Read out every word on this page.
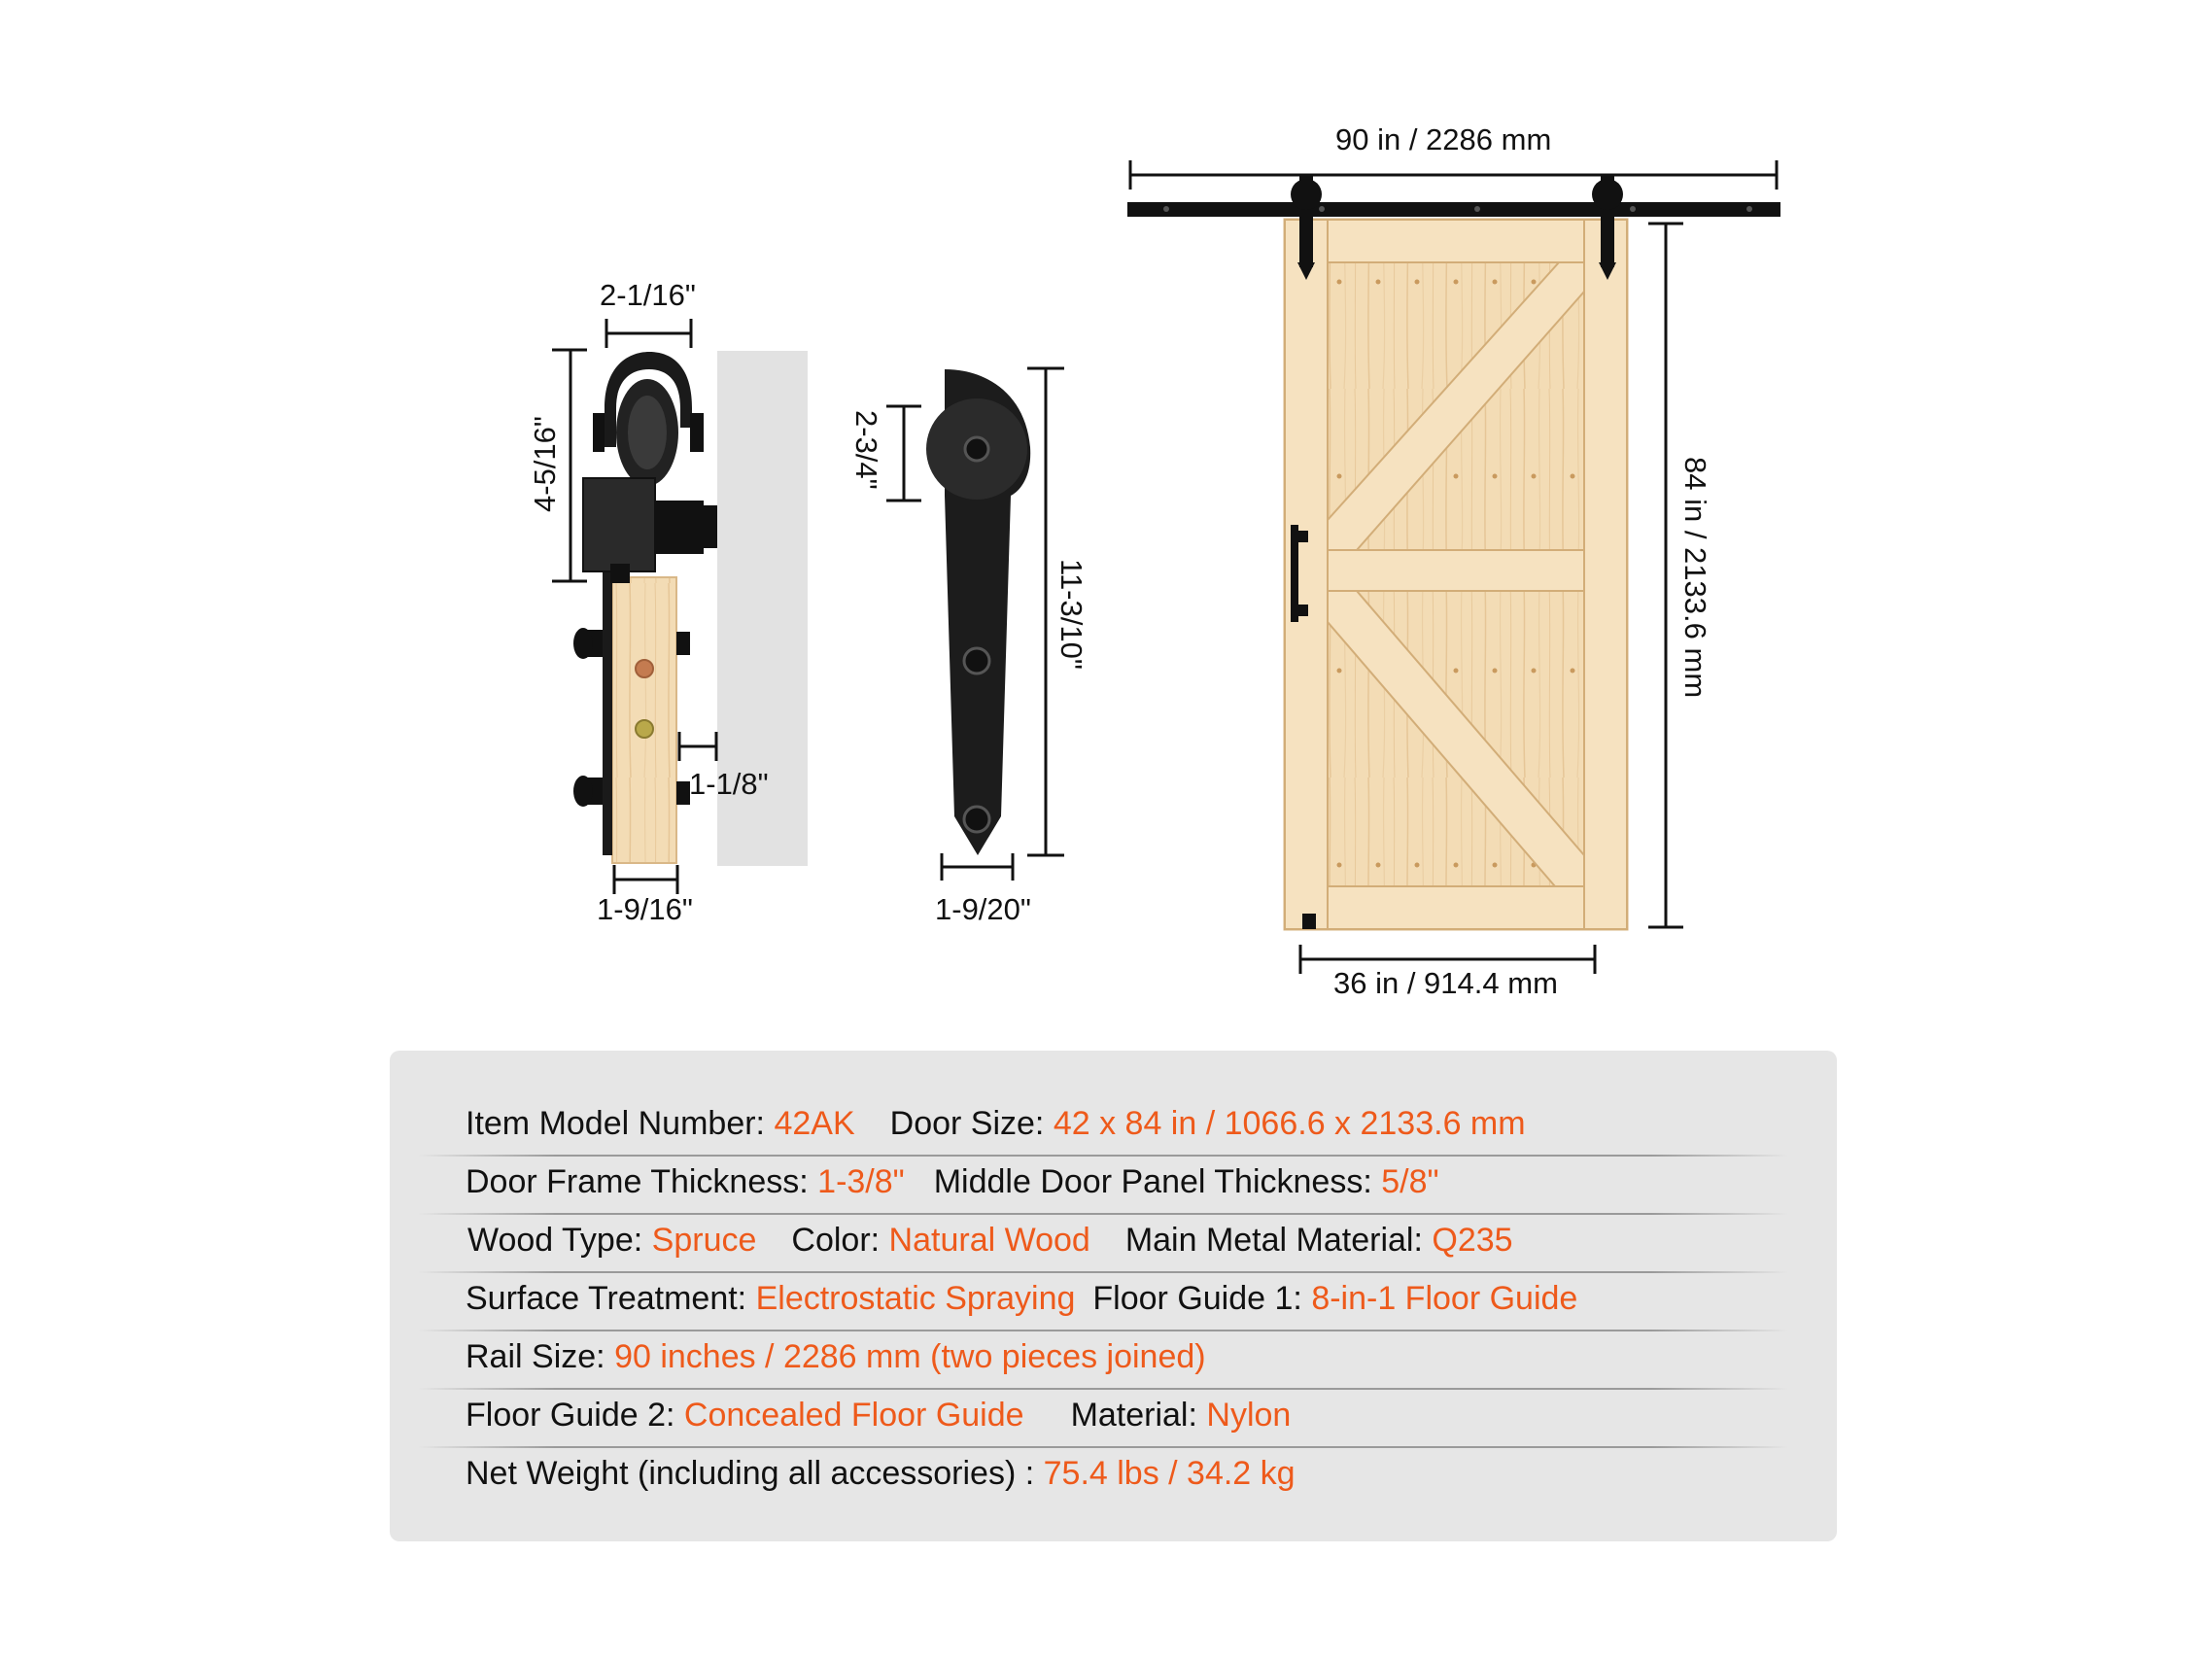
2-1/16"
4-5/16"
1-1/8"
1-9/16"
2-3/4"
11-3/10"
1-9/20"
90 in / 2286 mm
84 in / 2133.6 mm
36 in / 914.4 mm
Item Model Number:
42AK Door Size:
42 x 84 in / 1066.6 x 2133.6 mm
Door Frame Thickness:
1-3/8" Middle Door Panel Thickness:
5/8"
Wood Type:
Spruce Color:
Natural Wood Main Metal Material:
Q235
Surface Treatment:
Electrostatic Spraying Floor Guide 1:
8-in-1 Floor Guide
Rail Size:
90 inches / 2286 mm (two pieces joined)
Floor Guide 2:
Concealed Floor Guide Material:
Nylon
Net Weight (including all accessories) :
75.4 lbs / 34.2 kg
